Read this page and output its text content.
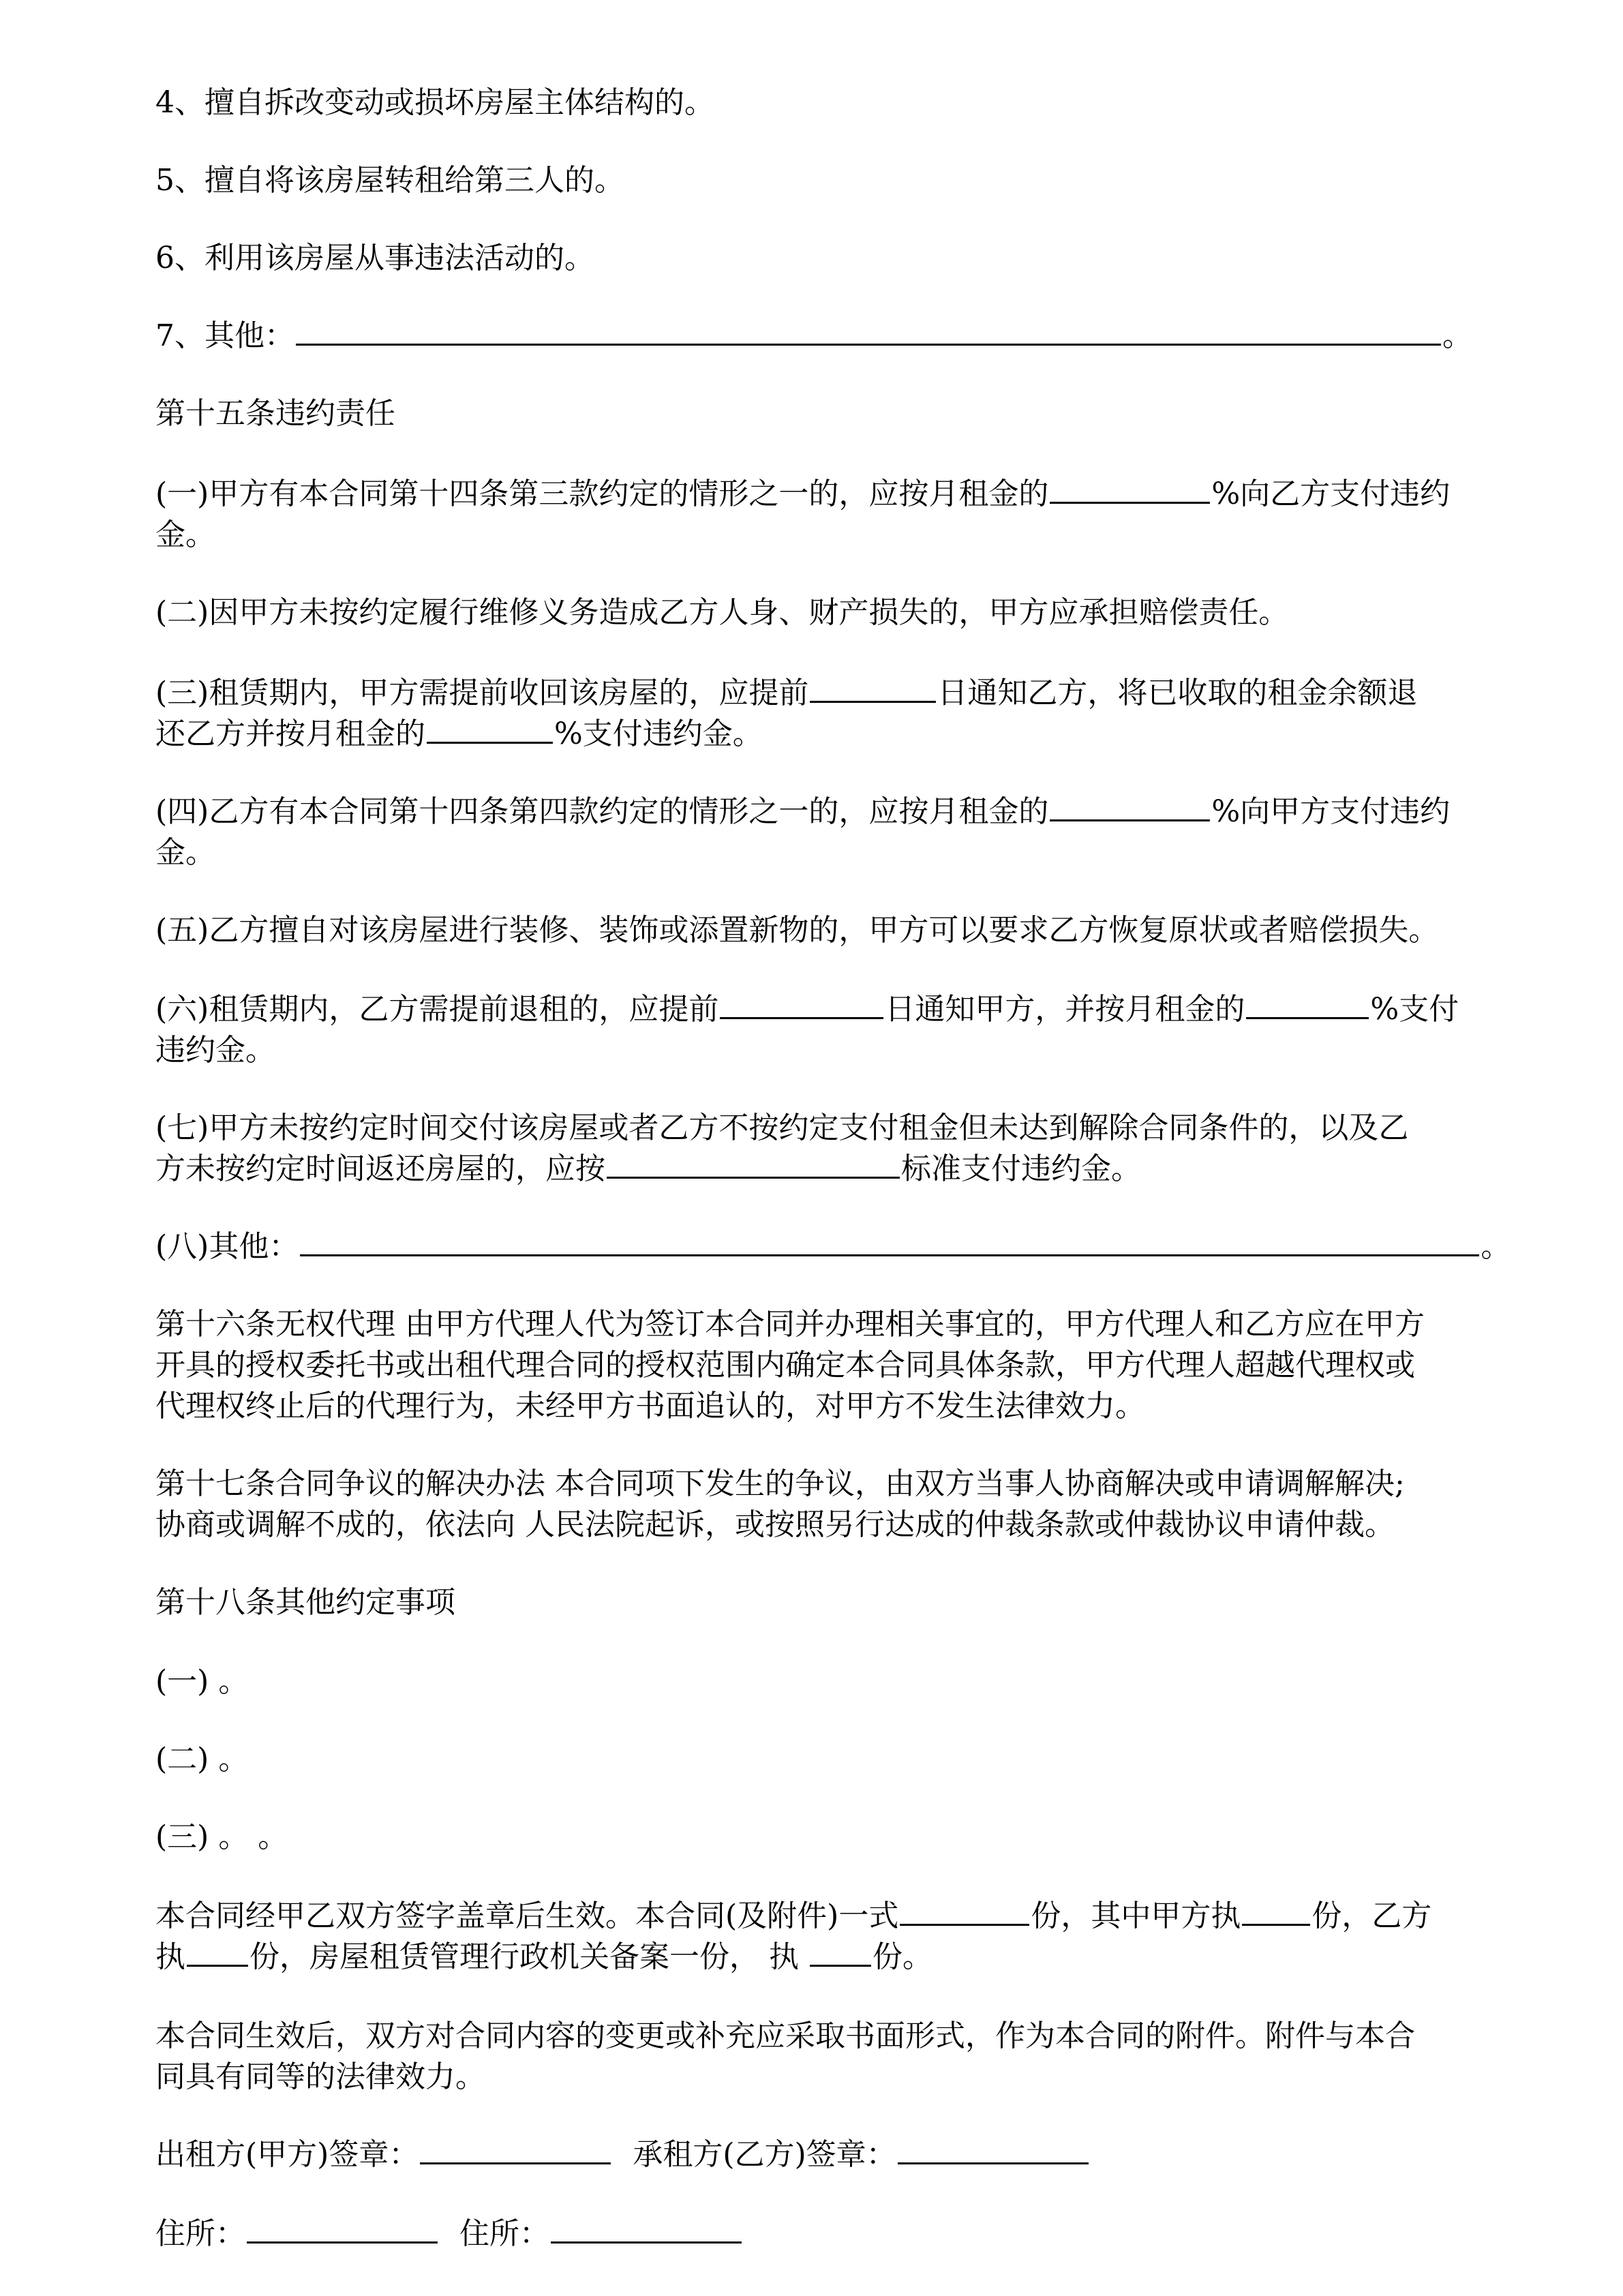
4、擅自拆改变动或损坏房屋主体结构的。

5、擅自将该房屋转租给第三人的。

6、利用该房屋从事违法活动的。

7、其他：	。

第十五条违约责任

(一)甲方有本合同第十四条第三款约定的情形之一的，应按月租金的	%向乙方支付违约

金。

(二)因甲方未按约定履行维修义务造成乙方人身、财产损失的，甲方应承担赔偿责任。

(三)租赁期内，甲方需提前收回该房屋的，应提前	日通知乙方，将已收取的租金余额退

还乙方并按月租金的	%支付违约金。

(四)乙方有本合同第十四条第四款约定的情形之一的，应按月租金的	%向甲方支付违约

金。

(五)乙方擅自对该房屋进行装修、装饰或添置新物的，甲方可以要求乙方恢复原状或者赔偿损失。

(六)租赁期内，乙方需提前退租的，应提前	日通知甲方，并按月租金的	%支付

违约金。

(七)甲方未按约定时间交付该房屋或者乙方不按约定支付租金但未达到解除合同条件的，以及乙

方未按约定时间返还房屋的，应按	标准支付违约金。

(八)其他：	。

第十六条无权代理 由甲方代理人代为签订本合同并办理相关事宜的，甲方代理人和乙方应在甲方

开具的授权委托书或出租代理合同的授权范围内确定本合同具体条款，甲方代理人超越代理权或

代理权终止后的代理行为，未经甲方书面追认的，对甲方不发生法律效力。

第十七条合同争议的解决办法 本合同项下发生的争议，由双方当事人协商解决或申请调解解决;

协商或调解不成的，依法向 人民法院起诉，或按照另行达成的仲裁条款或仲裁协议申请仲裁。

第十八条其他约定事项

(一) 。

(二) 。

(三) 。 。

本合同经甲乙双方签字盖章后生效。本合同(及附件)一式	份，其中甲方执 份，乙方

执 份，房屋租赁管理行政机关备案一份， 执 份。

本合同生效后，双方对合同内容的变更或补充应采取书面形式，作为本合同的附件。附件与本合

同具有同等的法律效力。

出租方(甲方)签章：	承租方(乙方)签章：

住所：	住所：
